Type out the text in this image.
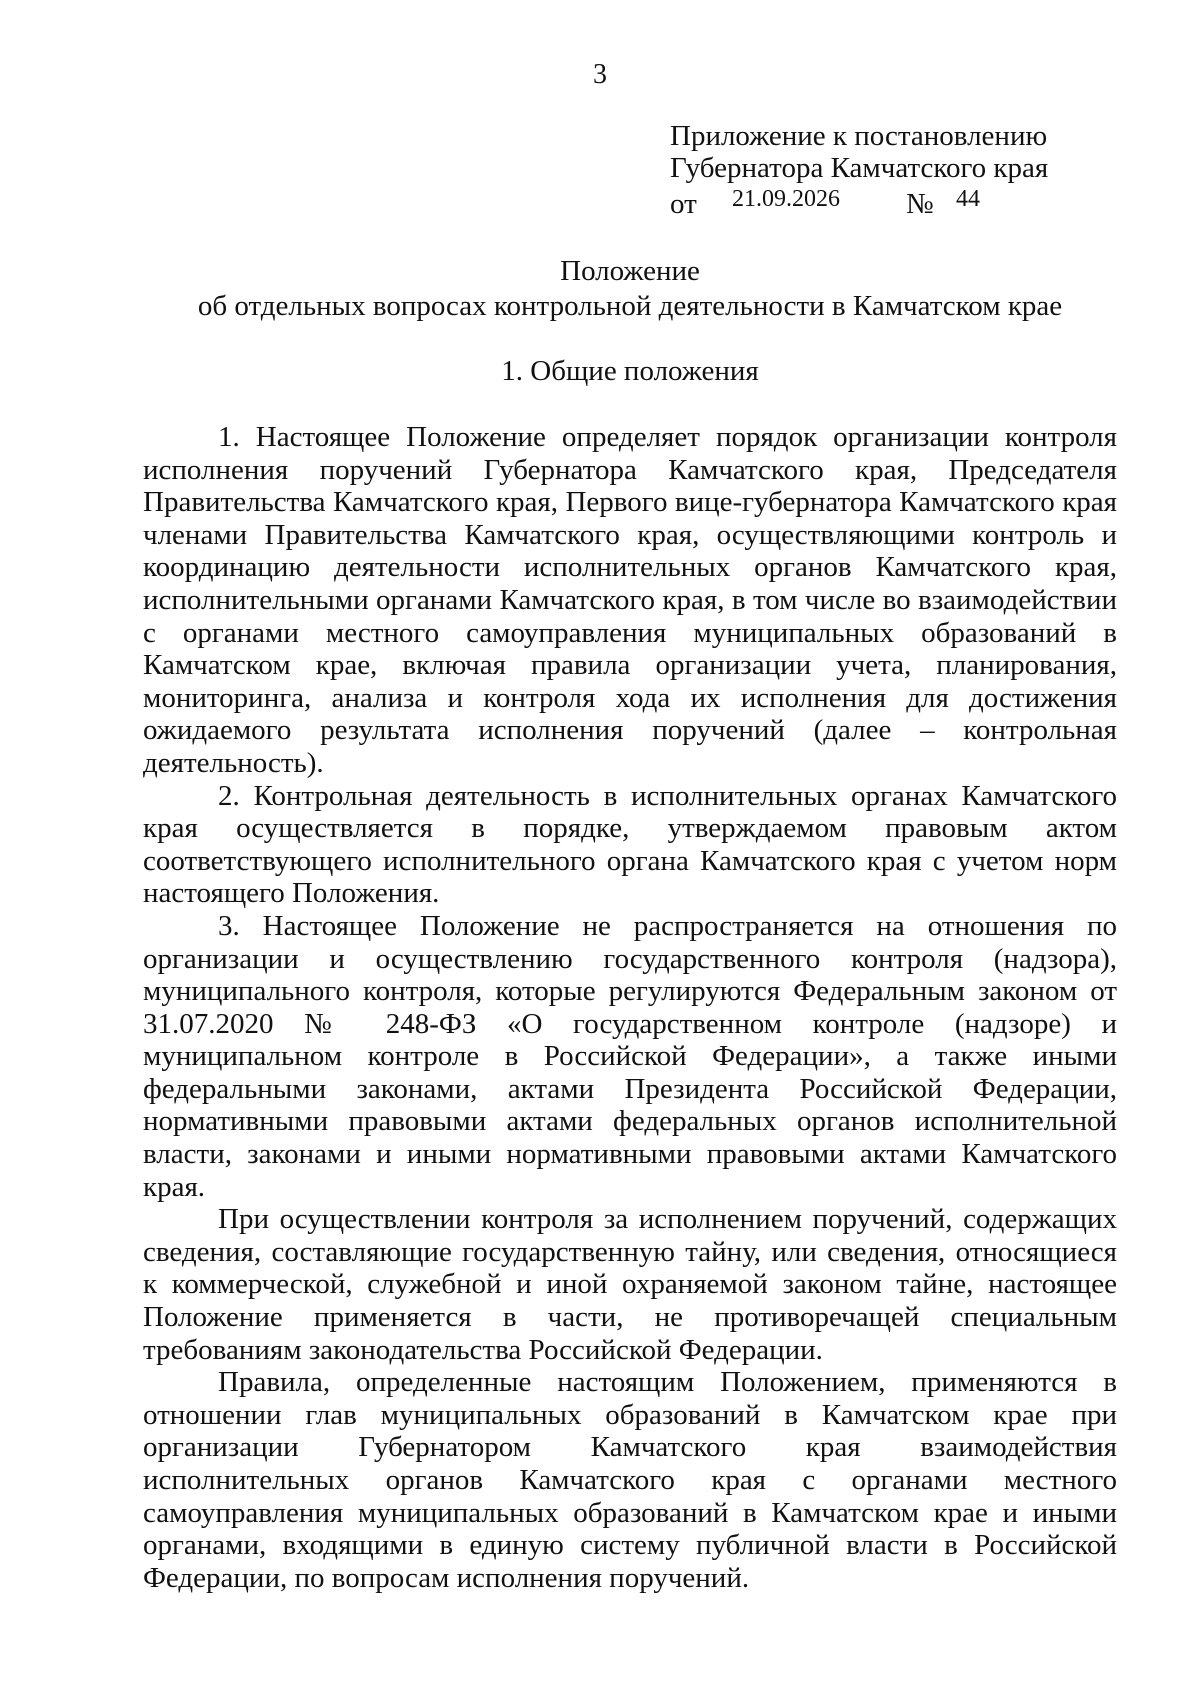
3
Приложение к постановлению
Губернатора Камчатского края
от 21.09.2026 № 44
Положение
об отдельных вопросах контрольной деятельности в Камчатском крае
1. Общие положения

1. Настоящее Положение определяет порядок организации контроля исполнения поручений Губернатора Камчатского края, Председателя Правительства Камчатского края, Первого вице-губернатора Камчатского края членами Правительства Камчатского края, осуществляющими контроль и координацию деятельности исполнительных органов Камчатского края, исполнительными органами Камчатского края, в том числе во взаимодействии с органами местного самоуправления муниципальных образований в Камчатском крае, включая правила организации учета, планирования, мониторинга, анализа и контроля хода их исполнения для достижения ожидаемого результата исполнения поручений (далее – контрольная деятельность).

2. Контрольная деятельность в исполнительных органах Камчатского края осуществляется в порядке, утверждаемом правовым актом соответствующего исполнительного органа Камчатского края с учетом норм настоящего Положения.

3. Настоящее Положение не распространяется на отношения по организации и осуществлению государственного контроля (надзора), муниципального контроля, которые регулируются Федеральным законом от 31.07.2020 № 248-ФЗ «О государственном контроле (надзоре) и муниципальном контроле в Российской Федерации», а также иными федеральными законами, актами Президента Российской Федерации, нормативными правовыми актами федеральных органов исполнительной власти, законами и иными нормативными правовыми актами Камчатского края.

При осуществлении контроля за исполнением поручений, содержащих сведения, составляющие государственную тайну, или сведения, относящиеся к коммерческой, служебной и иной охраняемой законом тайне, настоящее Положение применяется в части, не противоречащей специальным требованиям законодательства Российской Федерации.

Правила, определенные настоящим Положением, применяются в отношении глав муниципальных образований в Камчатском крае при организации Губернатором Камчатского края взаимодействия исполнительных органов Камчатского края с органами местного самоуправления муниципальных образований в Камчатском крае и иными органами, входящими в единую систему публичной власти в Российской Федерации, по вопросам исполнения поручений.
